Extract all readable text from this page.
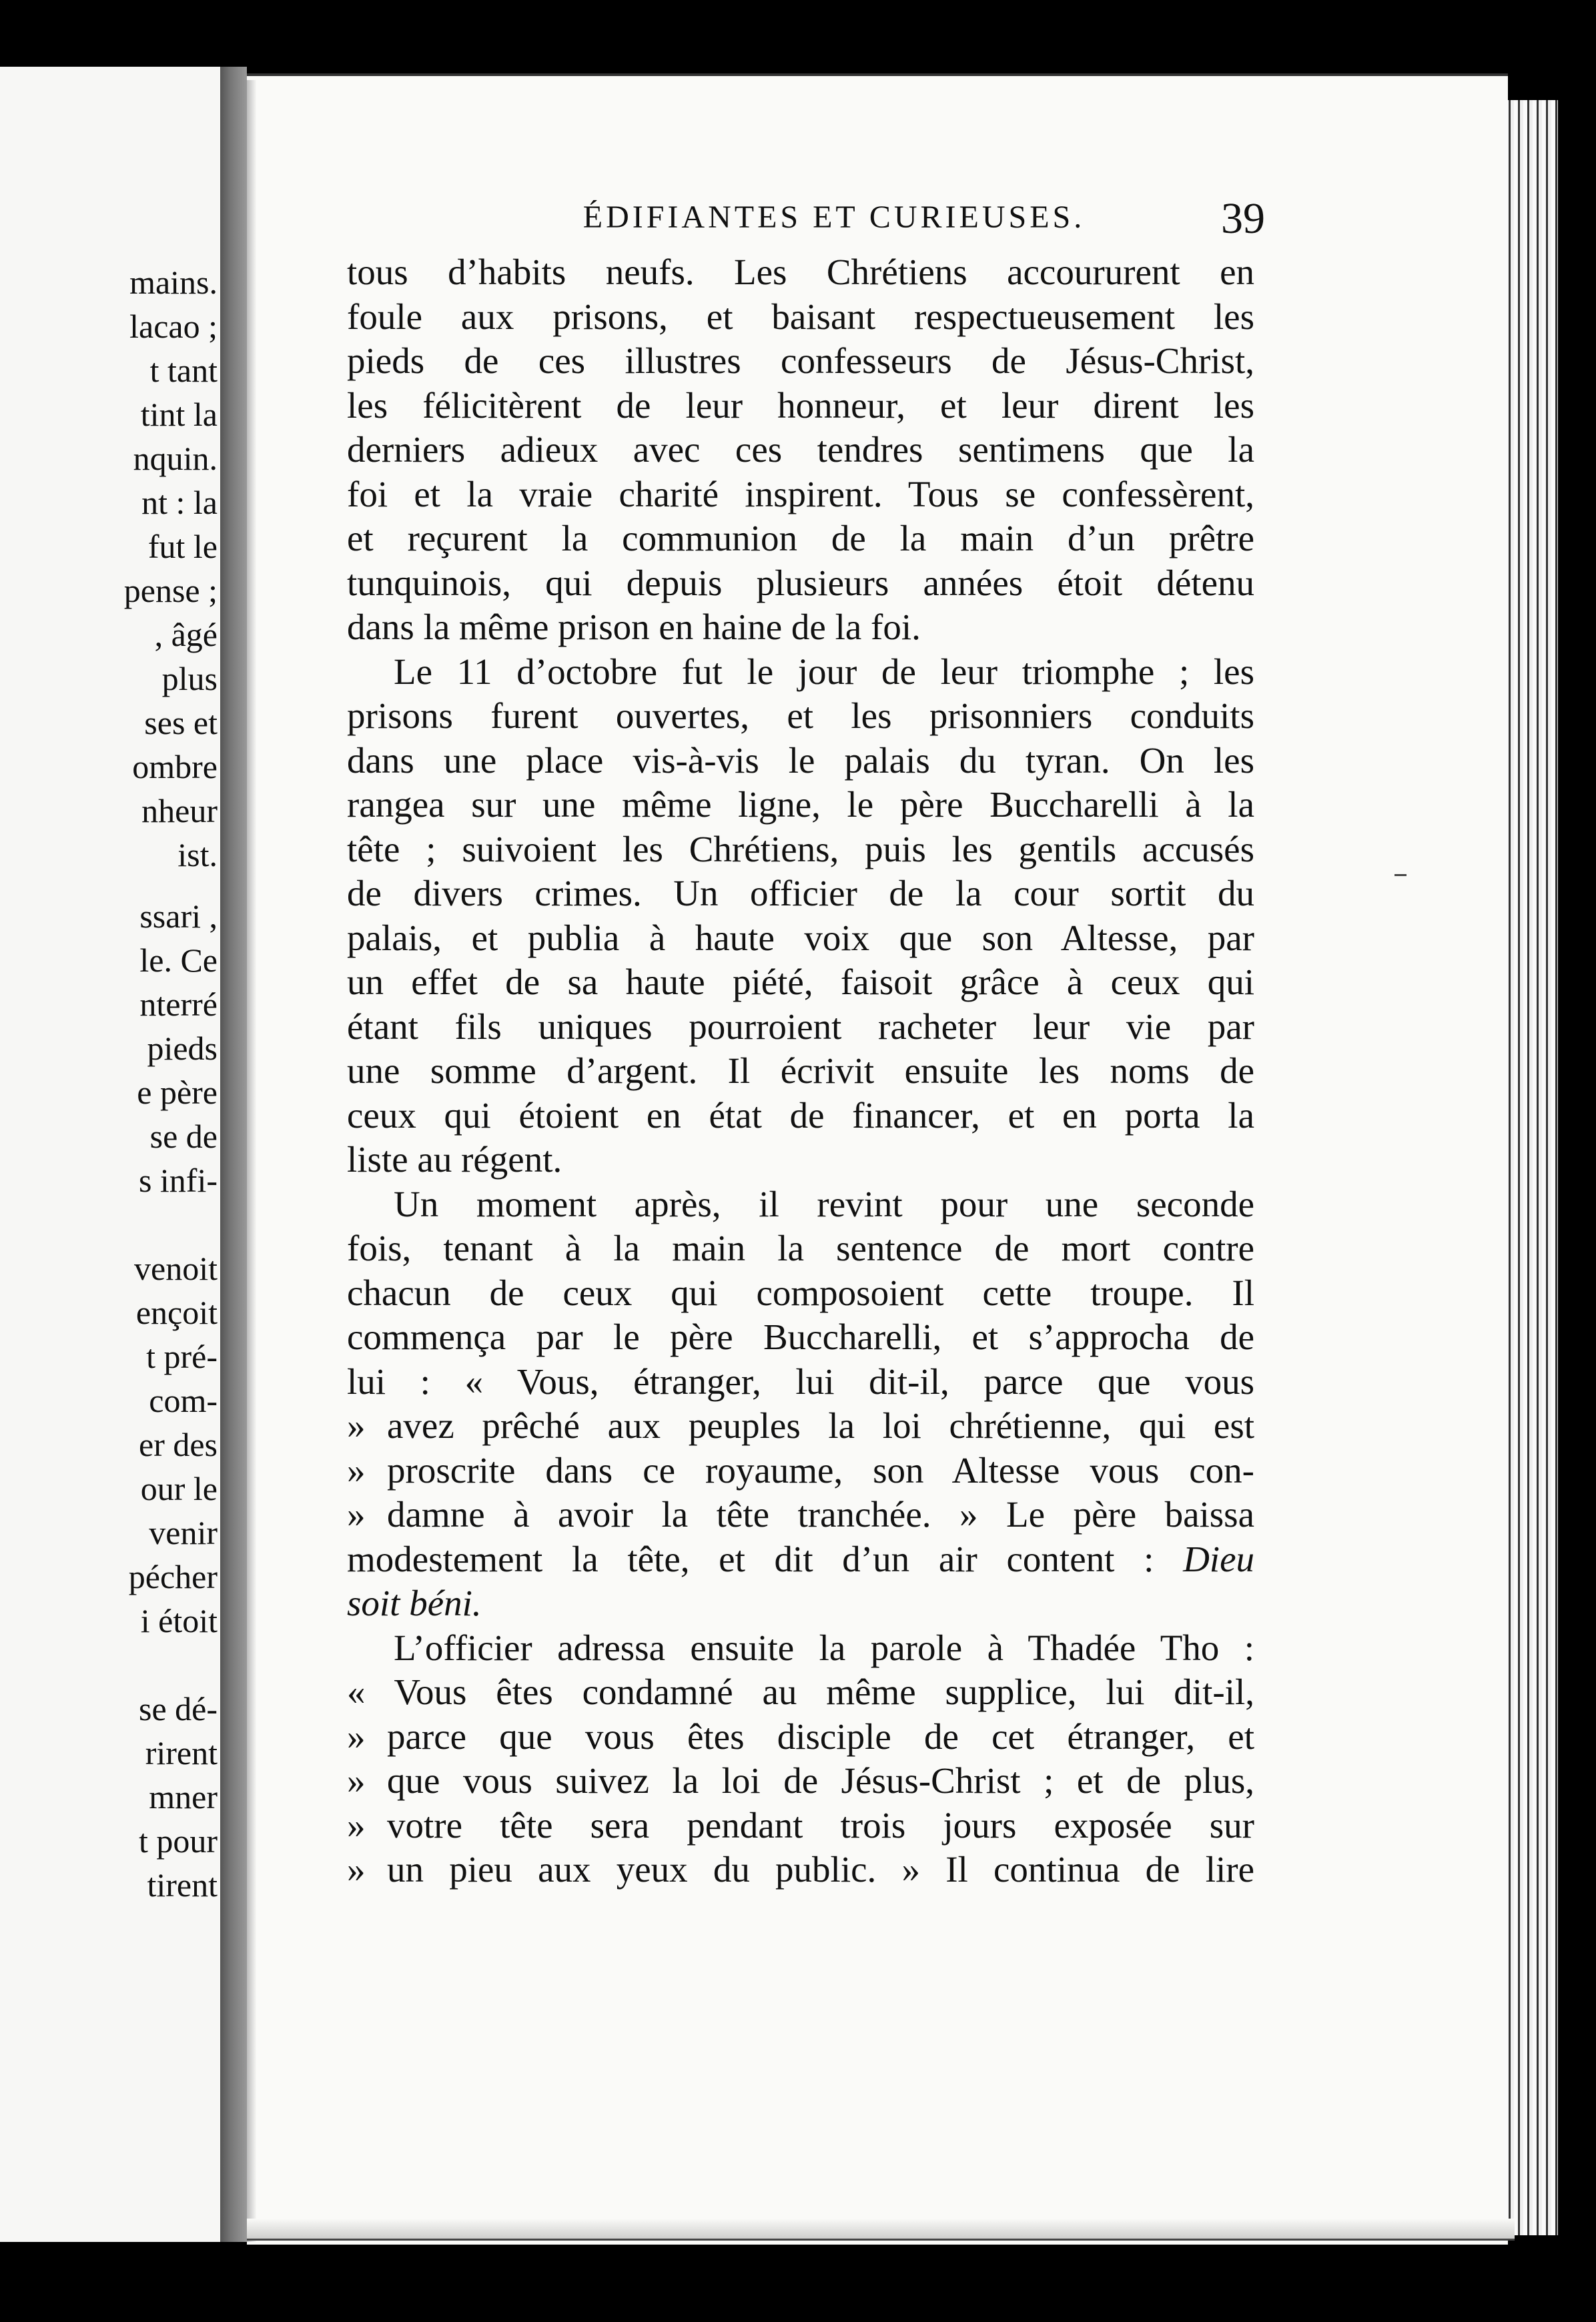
mains.
lacao ;
t tant
tint la
nquin.
nt : la
fut le
pense ;
, âgé
plus
ses et
ombre
nheur
ist.
ssari ,
le. Ce
nterré
pieds
e père
se de
s infi-
venoit
ençoit
t pré-
com-
er des
our le
venir
pécher
i étoit
se dé-
rirent
mner
t pour
tirent
ÉDIFIANTES ET CURIEUSES.	39
tous d’habits neufs. Les Chrétiens accoururent en
foule aux prisons, et baisant respectueusement les
pieds de ces illustres confesseurs de Jésus-Christ,
les félicitèrent de leur honneur, et leur dirent les
derniers adieux avec ces tendres sentimens que la
foi et la vraie charité inspirent. Tous se confessèrent,
et reçurent la communion de la main d’un prêtre
tunquinois, qui depuis plusieurs années étoit détenu
dans la même prison en haine de la foi.
Le 11 d’octobre fut le jour de leur triomphe ; les
prisons furent ouvertes, et les prisonniers conduits
dans une place vis-à-vis le palais du tyran. On les
rangea sur une même ligne, le père Buccharelli à la
tête ; suivoient les Chrétiens, puis les gentils accusés
de divers crimes. Un officier de la cour sortit du
palais, et publia à haute voix que son Altesse, par
un effet de sa haute piété, faisoit grâce à ceux qui
étant fils uniques pourroient racheter leur vie par
une somme d’argent. Il écrivit ensuite les noms de
ceux qui étoient en état de financer, et en porta la
liste au régent.
Un moment après, il revint pour une seconde
fois, tenant à la main la sentence de mort contre
chacun de ceux qui composoient cette troupe. Il
commença par le père Buccharelli, et s’approcha de
lui : « Vous, étranger, lui dit-il, parce que vous
» avez prêché aux peuples la loi chrétienne, qui est
» proscrite dans ce royaume, son Altesse vous con-
» damne à avoir la tête tranchée. » Le père baissa
modestement la tête, et dit d’un air content : Dieu
soit béni.
L’officier adressa ensuite la parole à Thadée Tho :
« Vous êtes condamné au même supplice, lui dit-il,
» parce que vous êtes disciple de cet étranger, et
» que vous suivez la loi de Jésus-Christ ; et de plus,
» votre tête sera pendant trois jours exposée sur
» un pieu aux yeux du public. » Il continua de lire
